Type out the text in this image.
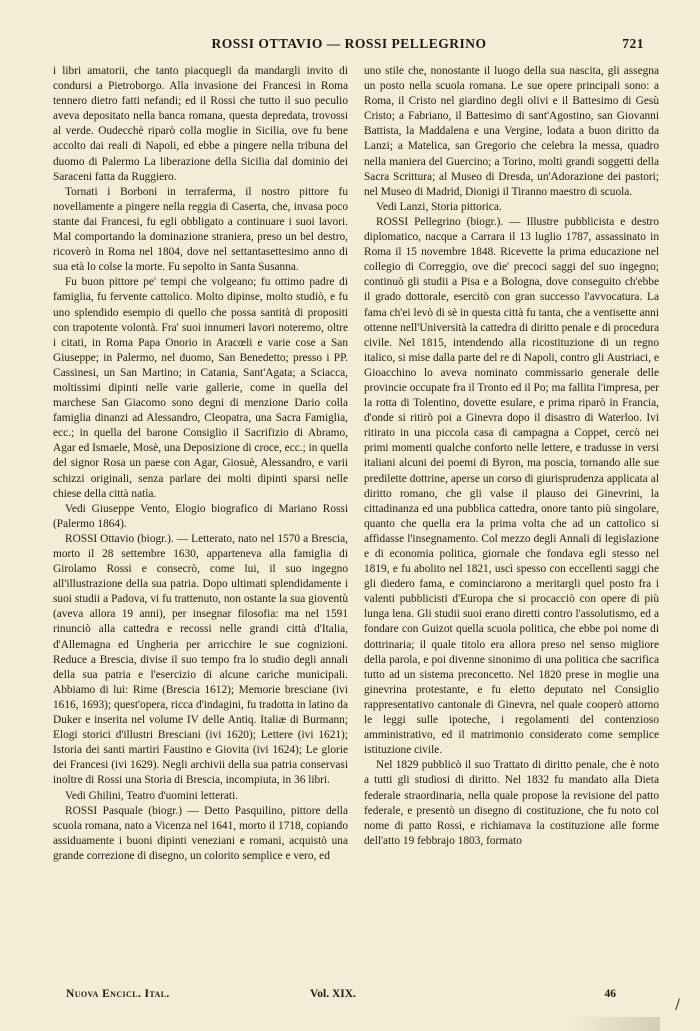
ROSSI OTTAVIO — ROSSI PELLEGRINO	721

i libri amatorii, che tanto piacquegli da mandargli invito di condursi a Pietroborgo. Alla invasione dei Francesi in Roma tennero dietro fatti nefandi; ed il Rossi che tutto il suo peculio aveva depositato nella banca romana, questa depredata, trovossi al verde. Oudecchè riparò colla moglie in Sicilia, ove fu bene accolto dai reali di Napoli, ed ebbe a pingere nella tribuna del duomo di Palermo La liberazione della Sicilia dal dominio dei Saraceni fatta da Ruggiero.

Tornati i Borboni in terraferma, il nostro pittore fu novellamente a pingere nella reggia di Caserta, che, invasa poco stante dai Francesi, fu egli obbligato a continuare i suoi lavori. Mal comportando la dominazione straniera, preso un bel destro, ricoverò in Roma nel 1804, dove nel settantasettesimo anno di sua età lo colse la morte. Fu sepolto in Santa Susanna.

Fu buon pittore pe' tempi che volgeano; fu ottimo padre di famiglia, fu fervente cattolico. Molto dipinse, molto studiò, e fu uno splendido esempio di quello che possa santità di propositi con trapotente volontà. Fra' suoi innumeri lavori noteremo, oltre i citati, in Roma Papa Onorio in Aracœli e varie cose a San Giuseppe; in Palermo, nel duomo, San Benedetto; presso i PP. Cassinesi, un San Martino; in Catania, Sant'Agata; a Sciacca, moltissimi dipinti nelle varie gallerie, come in quella del marchese San Giacomo sono degni di menzione Dario colla famiglia dinanzi ad Alessandro, Cleopatra, una Sacra Famiglia, ecc.; in quella del barone Consiglio il Sacrifizio di Abramo, Agar ed Ismaele, Mosè, una Deposizione di croce, ecc.; in quella del signor Rosa un paese con Agar, Giosuè, Alessandro, e varii schizzi originali, senza parlare dei molti dipinti sparsi nelle chiese della città natìa.

Vedi Giuseppe Vento, Elogio biografico di Mariano Rossi (Palermo 1864).

ROSSI Ottavio (biogr.). — Letterato, nato nel 1570 a Brescia, morto il 28 settembre 1630, apparteneva alla famiglia di Girolamo Rossi e consecrò, come lui, il suo ingegno all'illustrazione della sua patria. Dopo ultimati splendidamente i suoi studii a Padova, vi fu trattenuto, non ostante la sua gioventù (aveva allora 19 anni), per insegnar filosofia: ma nel 1591 rinunciò alla cattedra e recossi nelle grandi città d'Italia, d'Allemagna ed Ungheria per arricchire le sue cognizioni. Reduce a Brescia, divise il suo tempo fra lo studio degli annali della sua patria e l'esercizio di alcune cariche municipali. Abbiamo di lui: Rime (Brescia 1612); Memorie bresciane (ivi 1616, 1693); quest'opera, ricca d'indagini, fu tradotta in latino da Duker e inserita nel volume IV delle Antiq. Italiæ di Burmann; Elogi storici d'illustri Bresciani (ivi 1620); Lettere (ivi 1621); Istoria dei santi martiri Faustino e Giovita (ivi 1624); Le glorie dei Francesi (ivi 1629). Negli archivii della sua patria conservasi inoltre di Rossi una Storia di Brescia, incompiuta, in 36 libri.

Vedi Ghilini, Teatro d'uomini letterati.

ROSSI Pasquale (biogr.) — Detto Pasquilino, pittore della scuola romana, nato a Vicenza nel 1641, morto il 1718, copiando assiduamente i buoni dipinti veneziani e romani, acquistò una grande correzione di disegno, un colorito semplice e vero, ed

uno stile che, nonostante il luogo della sua nascita, gli assegna un posto nella scuola romana. Le sue opere principali sono: a Roma, il Cristo nel giardino degli olivi e il Battesimo di Gesù Cristo; a Fabriano, il Battesimo di sant'Agostino, san Giovanni Battista, la Maddalena e una Vergine, lodata a buon diritto da Lanzi; a Matelica, san Gregorio che celebra la messa, quadro nella maniera del Guercino; a Torino, molti grandi soggetti della Sacra Scrittura; al Museo di Dresda, un'Adorazione dei pastori; nel Museo di Madrid, Dionigi il Tiranno maestro di scuola.

Vedi Lanzi, Storia pittorica.

ROSSI Pellegrino (biogr.). — Illustre pubblicista e destro diplomatico, nacque a Carrara il 13 luglio 1787, assassinato in Roma il 15 novembre 1848. Ricevette la prima educazione nel collegio di Correggio, ove die' precoci saggi del suo ingegno; continuò gli studii a Pisa e a Bologna, dove conseguito ch'ebbe il grado dottorale, esercitò con gran successo l'avvocatura. La fama ch'ei levò di sè in questa città fu tanta, che a ventisette anni ottenne nell'Università la cattedra di diritto penale e di procedura civile. Nel 1815, intendendo alla ricostituzione di un regno italico, si mise dalla parte del re di Napoli, contro gli Austriaci, e Gioacchino lo aveva nominato commissario generale delle provincie occupate fra il Tronto ed il Po; ma fallita l'impresa, per la rotta di Tolentino, dovette esulare, e prima riparò in Francia, d'onde si ritirò poi a Ginevra dopo il disastro di Waterloo. Ivi ritirato in una piccola casa di campagna a Coppet, cercò nei primi momenti qualche conforto nelle lettere, e tradusse in versi italiani alcuni dei poemi di Byron, ma poscia, tornando alle sue predilette dottrine, aperse un corso di giurisprudenza applicata al diritto romano, che gli valse il plauso dei Ginevrini, la cittadinanza ed una pubblica cattedra, onore tanto più singolare, quanto che quella era la prima volta che ad un cattolico si affidasse l'insegnamento. Col mezzo degli Annali di legislazione e di economia politica, giornale che fondava egli stesso nel 1819, e fu abolito nel 1821, uscì spesso con eccellenti saggi che gli diedero fama, e cominciarono a meritargli quel posto fra i valenti pubblicisti d'Europa che si procacciò con opere di più lunga lena. Gli studii suoi erano diretti contro l'assolutismo, ed a fondare con Guizot quella scuola politica, che ebbe poi nome di dottrinaria; il quale titolo era allora preso nel senso migliore della parola, e poi divenne sinonimo di una politica che sacrifica tutto ad un sistema preconcetto. Nel 1820 prese in moglie una ginevrina protestante, e fu eletto deputato nel Consiglio rappresentativo cantonale di Ginevra, nel quale cooperò attorno le leggi sulle ipoteche, i regolamenti del contenzioso amministrativo, ed il matrimonio considerato come semplice istituzione civile.

Nel 1829 pubblicò il suo Trattato di diritto penale, che è noto a tutti gli studiosi di diritto. Nel 1832 fu mandato alla Dieta federale straordinaria, nella quale propose la revisione del patto federale, e presentò un disegno di costituzione, che fu noto col nome di patto Rossi, e richiamava la costituzione alle forme dell'atto 19 febbrajo 1803, formato

Nuova Encicl. Ital.	Vol. XIX.	46
/
